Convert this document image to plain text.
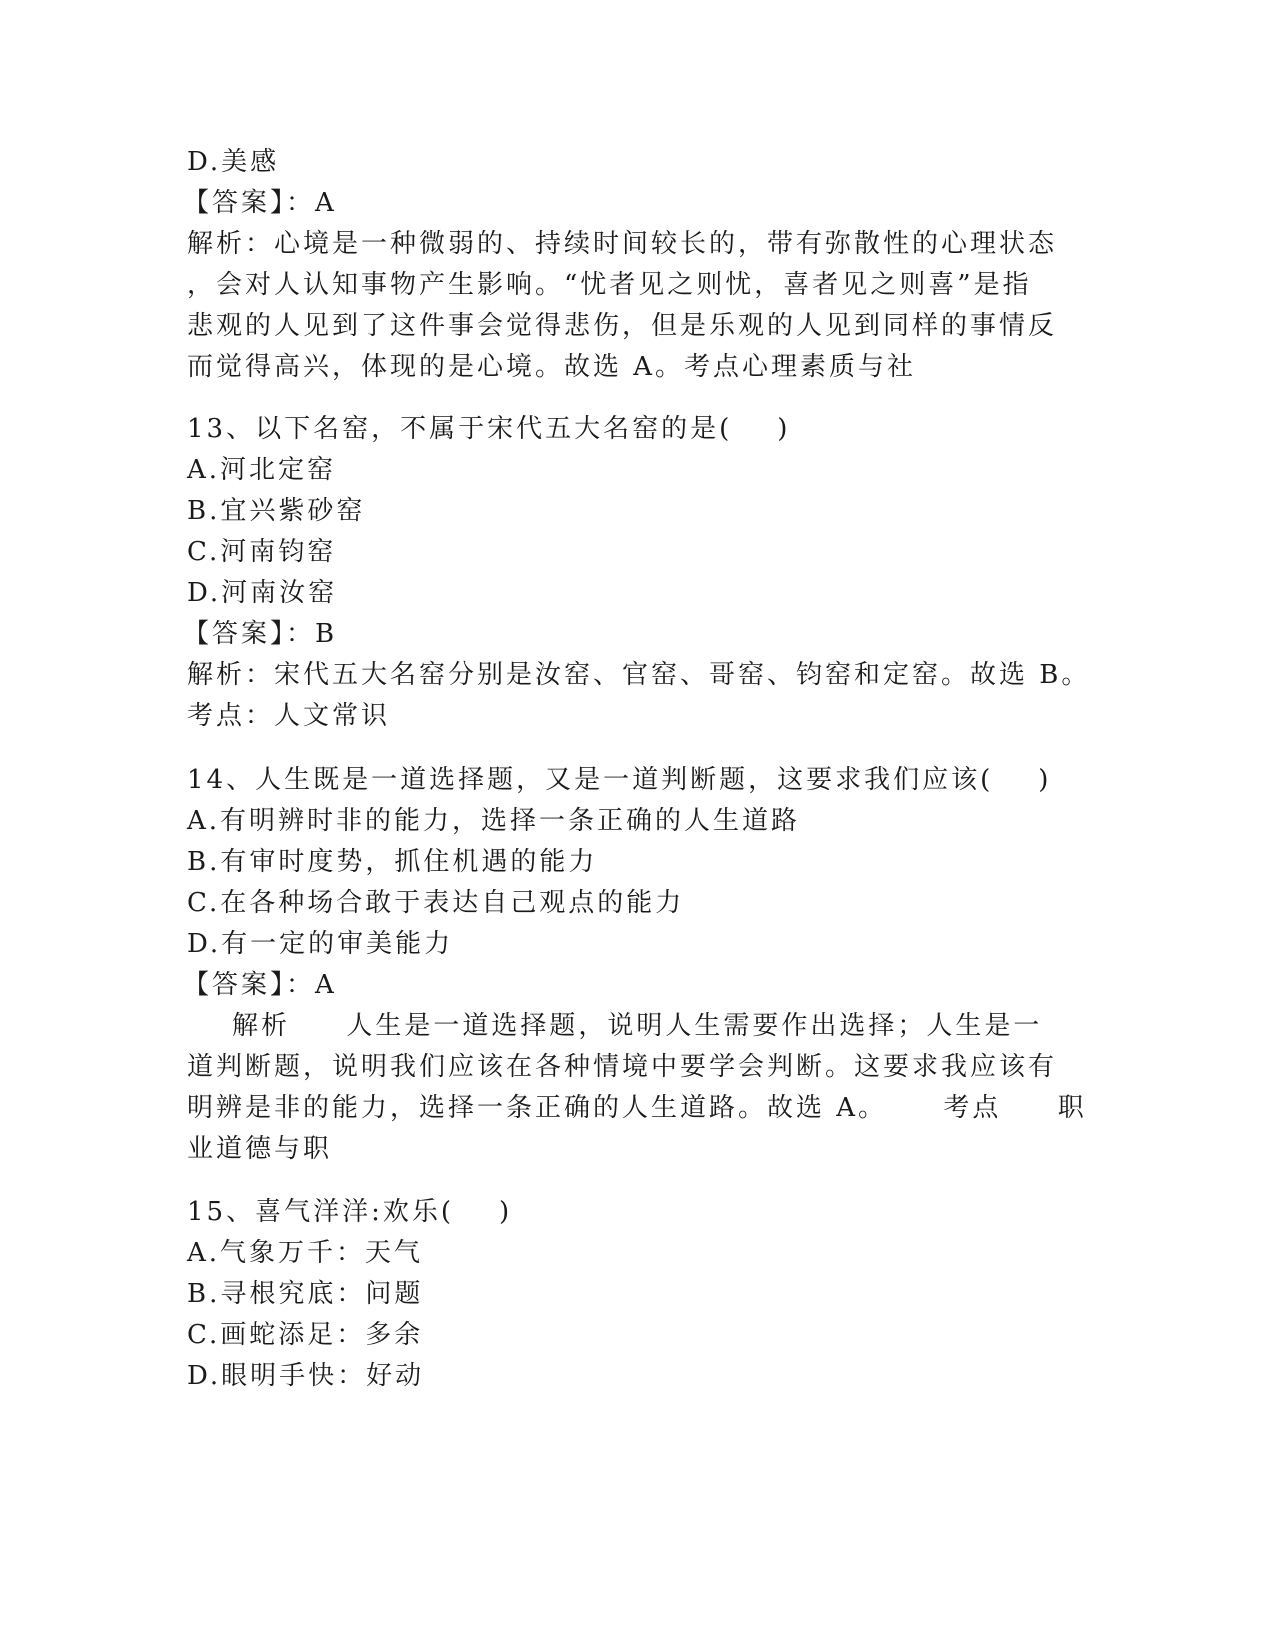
D.美感
【答案】：A
解析：心境是一种微弱的、持续时间较长的，带有弥散性的心理状态
，会对人认知事物产生影响。“忧者见之则忧，喜者见之则喜”是指
悲观的人见到了这件事会觉得悲伤，但是乐观的人见到同样的事情反
而觉得高兴，体现的是心境。故选 A。考点心理素质与社
13、以下名窑，不属于宋代五大名窑的是(    )
A.河北定窑
B.宜兴紫砂窑
C.河南钧窑
D.河南汝窑
【答案】：B
解析：宋代五大名窑分别是汝窑、官窑、哥窑、钧窑和定窑。故选 B。
考点：人文常识
14、人生既是一道选择题，又是一道判断题，这要求我们应该(    )
A.有明辨时非的能力，选择一条正确的人生道路
B.有审时度势，抓住机遇的能力
C.在各种场合敢于表达自己观点的能力
D.有一定的审美能力
【答案】：A
解析     人生是一道选择题，说明人生需要作出选择；人生是一
道判断题，说明我们应该在各种情境中要学会判断。这要求我应该有
明辨是非的能力，选择一条正确的人生道路。故选 A。     考点     职
业道德与职
15、喜气洋洋:欢乐(    )
A.气象万千：天气
B.寻根究底：问题
C.画蛇添足：多余
D.眼明手快：好动
